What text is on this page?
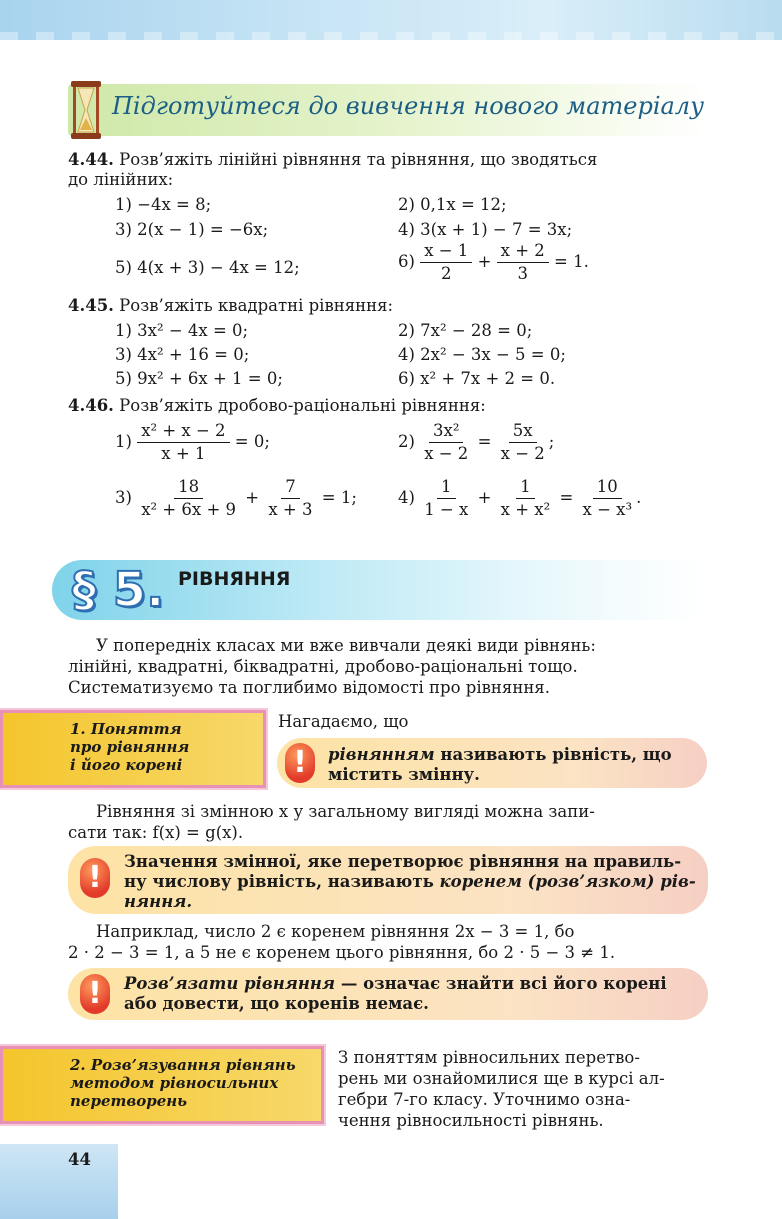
Підготуйтеся до вивчення нового матеріалу
4.44. Розв’яжіть лінійні рівняння та рівняння, що зводяться
до лінійних:
1) −4x = 8;	2) 0,1x = 12;
3) 2(x − 1) = −6x;	4) 3(x + 1) − 7 = 3x;
5) 4(x + 3) − 4x = 12;	$6) \frac{x - 1}{2} + \frac{x + 2}{3} = 1$.
4.45. Розв’яжіть квадратні рівняння:
1) 3x² − 4x = 0;	2) 7x² − 28 = 0;
3) 4x² + 16 = 0;	4) 2x² − 3x − 5 = 0;
5) 9x² + 6x + 1 = 0;	6) x² + 7x + 2 = 0.
4.46. Розв’яжіть дробово-раціональні рівняння:
$1) \frac{\text{x² + x − 2}}{x + 1} = 0$;	$2) \frac{\text{3x²}}{x - 2} = \frac{5x}{x - 2}$ ;
$3) \frac{18}{\text{x² + 6x + 9}} + \frac{7}{x + 3} = 1$; $4) \frac{1}{1 - x} + \frac{1}{\text{x + x²}} = \frac{10}{\text{x − x³}}$ .
§ 5. РІВНЯННЯ
У попередніх класах ми вже вивчали деякі види рівнянь:
лінійні, квадратні, біквадратні, дробово-раціональні тощо.
Систематизуємо та поглибимо відомості про рівняння.
1. Поняття
про рівняння
і його корені
Нагадаємо, що
!	рівнянням називають рівність, що
містить змінну.
Рівняння зі змінною x у загальному вигляді можна запи-
сати так: f(x) = g(x).
!	Значення змінної, яке перетворює рівняння на правиль-
ну числову рівність, називають коренем (розв’язком) рів-
няння.
Наприклад, число 2 є коренем рівняння 2x − 3 = 1, бо
2 · 2 − 3 = 1, а 5 не є коренем цього рівняння, бо 2 · 5 − 3 ≠ 1.
!	Розв’язати рівняння — означає знайти всі його корені
або довести, що коренів немає.
2. Розв’язування рівнянь
методом рівносильних
перетворень
З поняттям рівносильних перетво-
рень ми ознайомилися ще в курсі ал-
гебри 7-го класу. Уточнимо озна-
чення рівносильності рівнянь.
44
